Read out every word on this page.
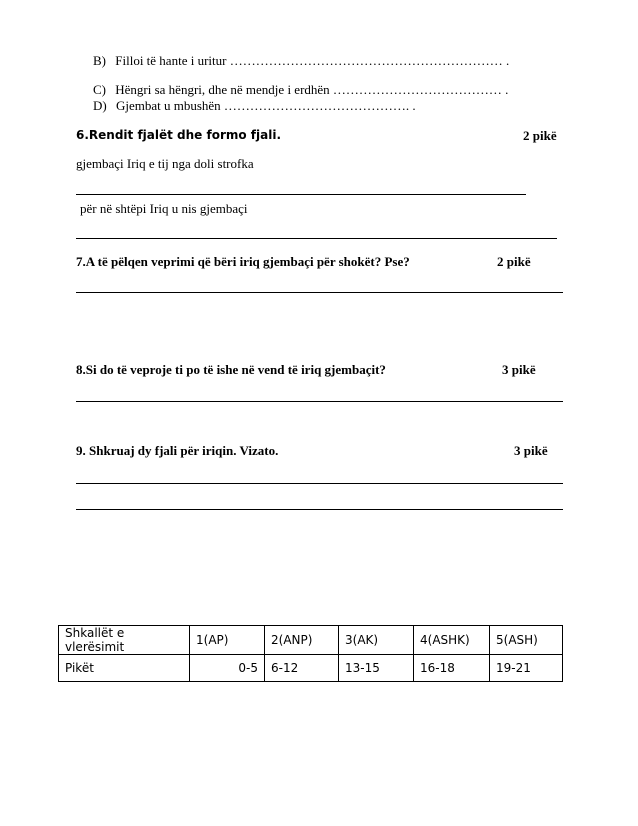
B) Filloi të hante i uritur ……………………………………………………… .
C) Hëngri sa hëngri, dhe në mendje i erdhën ………………………………… .
D) Gjembat u mbushën ……………………………………. .
6.Rendit fjalët dhe formo fjali.	2 pikë
gjembaçi Iriq e tij nga doli strofka
për në shtëpi Iriq u nis gjembaçi
7.A të pëlqen veprimi që bëri iriq gjembaçi për shokët? Pse?	2 pikë
8.Si do të veproje ti po të ishe në vend të iriq gjembaçit?	3 pikë
9. Shkruaj dy fjali për iriqin. Vizato.	3 pikë
Shkallët e vlerësimit	1(AP)	2(ANP)	3(AK)	4(ASHK)	5(ASH)
Pikët	0-5	6-12	13-15	16-18	19-21
